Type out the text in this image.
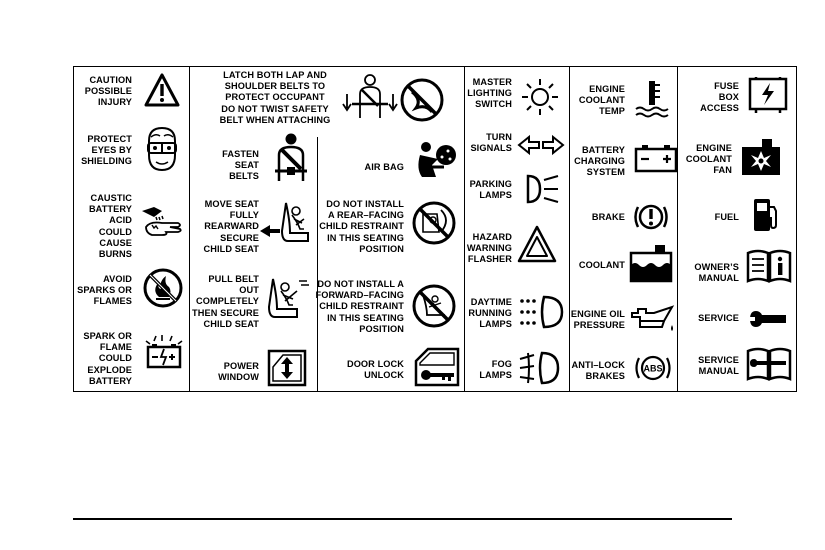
CAUTION
POSSIBLE
INJURY
PROTECT
EYES BY
SHIELDING
CAUSTIC
BATTERY
ACID COULD
CAUSE
BURNS
AVOID
SPARKS OR
FLAMES
SPARK OR
FLAME
COULD
EXPLODE
BATTERY
LATCH BOTH LAP AND
SHOULDER BELTS TO
PROTECT OCCUPANT
DO NOT TWIST SAFETY
BELT WHEN ATTACHING
FASTEN
SEAT
BELTS
MOVE SEAT
FULLY
REARWARD
SECURE
CHILD SEAT
PULL BELT
OUT
COMPLETELY
THEN SECURE
CHILD SEAT
POWER
WINDOW
AIR BAG
DO NOT INSTALL
A REAR–FACING
CHILD RESTRAINT
IN THIS SEATING
POSITION
DO NOT INSTALL A
FORWARD–FACING
CHILD RESTRAINT
IN THIS SEATING
POSITION
DOOR LOCK
UNLOCK
MASTER
LIGHTING
SWITCH
TURN
SIGNALS
PARKING
LAMPS
HAZARD
WARNING
FLASHER
DAYTIME
RUNNING
LAMPS
FOG
LAMPS
ENGINE
COOLANT
TEMP
BATTERY
CHARGING
SYSTEM
BRAKE
COOLANT
ENGINE OIL
PRESSURE
ANTI–LOCK
BRAKES
ABS
FUSE
BOX
ACCESS
ENGINE
COOLANT
FAN
FUEL
OWNER’S
MANUAL
SERVICE
SERVICE
MANUAL
